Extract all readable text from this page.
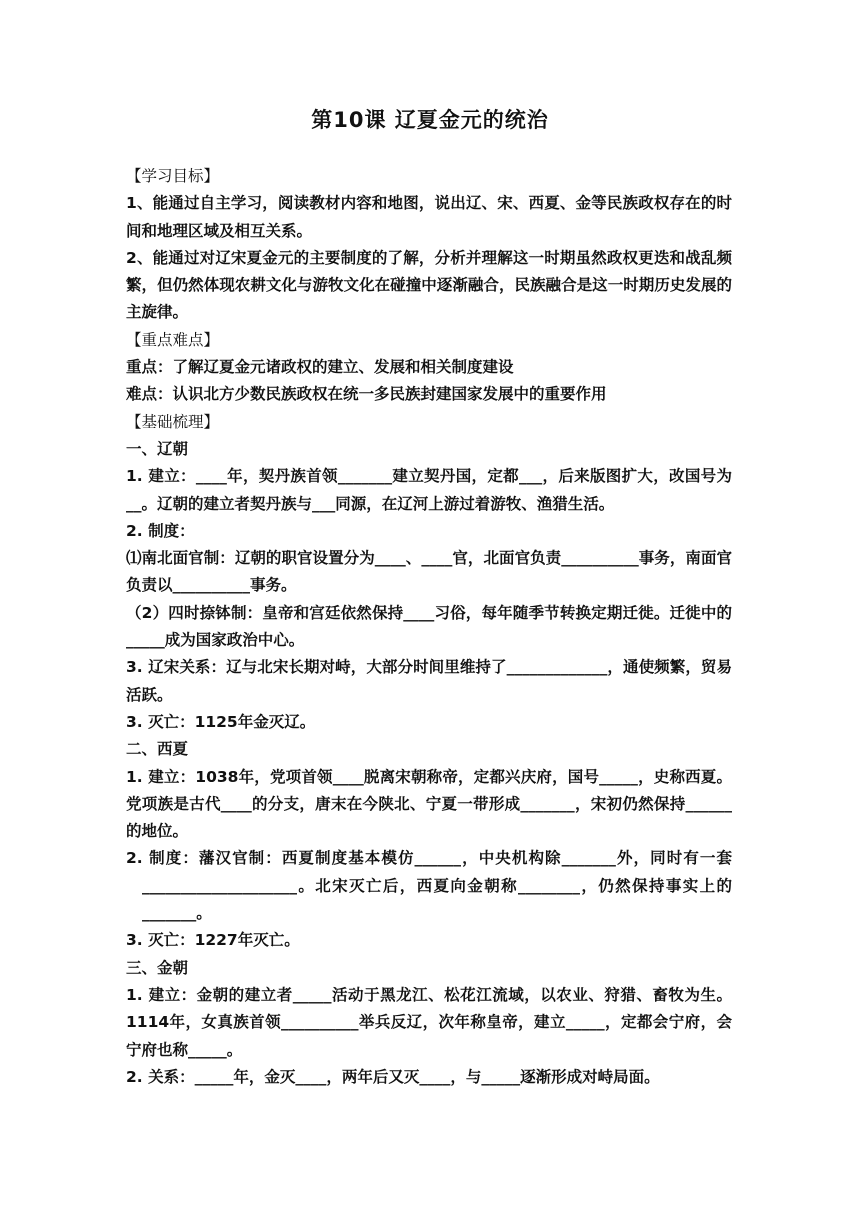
第10课 辽夏金元的统治

【学习目标】

1、能通过自主学习，阅读教材内容和地图，说出辽、宋、西夏、金等民族政权存在的时间和地理区域及相互关系。

2、能通过对辽宋夏金元的主要制度的了解，分析并理解这一时期虽然政权更迭和战乱频繁，但仍然体现农耕文化与游牧文化在碰撞中逐渐融合，民族融合是这一时期历史发展的主旋律。

【重点难点】

重点：了解辽夏金元诸政权的建立、发展和相关制度建设

难点：认识北方少数民族政权在统一多民族封建国家发展中的重要作用

【基础梳理】

一、辽朝

1. 建立：____年，契丹族首领_______建立契丹国，定都___，后来版图扩大，改国号为__。辽朝的建立者契丹族与___同源，在辽河上游过着游牧、渔猎生活。

2. 制度：

⑴南北面官制：辽朝的职官设置分为____、____官，北面官负责__________事务，南面官负责以__________事务。

（2）四时捺钵制：皇帝和宫廷依然保持____习俗，每年随季节转换定期迁徙。迁徙中的_____成为国家政治中心。

3. 辽宋关系：辽与北宋长期对峙，大部分时间里维持了_____________，通使频繁，贸易活跃。

3. 灭亡：1125年金灭辽。

二、西夏

1. 建立：1038年，党项首领____脱离宋朝称帝，定都兴庆府，国号_____，史称西夏。党项族是古代____的分支，唐末在今陕北、宁夏一带形成_______，宋初仍然保持______的地位。

2. 制度：藩汉官制：西夏制度基本模仿______，中央机构除_______外，同时有一套____________________。北宋灭亡后，西夏向金朝称________，仍然保持事实上的_______。

3. 灭亡：1227年灭亡。

三、金朝

1. 建立：金朝的建立者_____活动于黑龙江、松花江流域，以农业、狩猎、畜牧为生。1114年，女真族首领__________举兵反辽，次年称皇帝，建立_____，定都会宁府，会宁府也称_____。

2. 关系：_____年，金灭____，两年后又灭____，与_____逐渐形成对峙局面。
